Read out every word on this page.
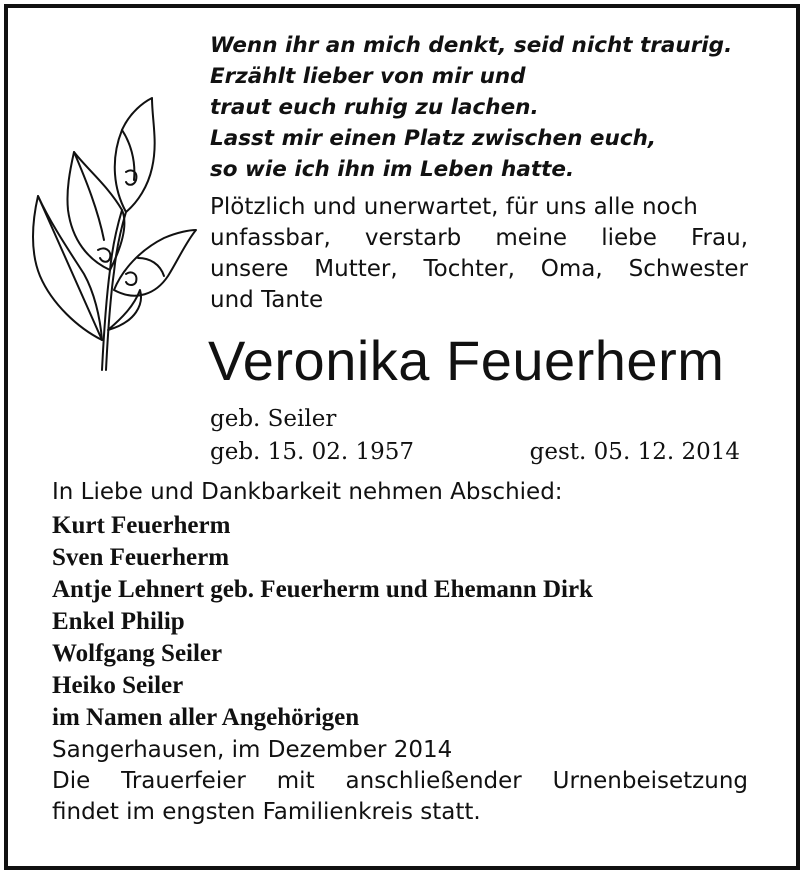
Wenn ihr an mich denkt, seid nicht traurig.
Erzählt lieber von mir und
traut euch ruhig zu lachen.
Lasst mir einen Platz zwischen euch,
so wie ich ihn im Leben hatte.
Plötzlich und unerwartet, für uns alle noch
unfassbar, verstarb meine liebe Frau,
unsere Mutter, Tochter, Oma, Schwester
und Tante
Veronika Feuerherm
geb. Seiler
geb. 15. 02. 1957	gest. 05. 12. 2014
In Liebe und Dankbarkeit nehmen Abschied:
Kurt Feuerherm
Sven Feuerherm
Antje Lehnert geb. Feuerherm und Ehemann Dirk
Enkel Philip
Wolfgang Seiler
Heiko Seiler
im Namen aller Angehörigen
Sangerhausen, im Dezember 2014
Die Trauerfeier mit anschließender Urnenbeisetzung
findet im engsten Familienkreis statt.
